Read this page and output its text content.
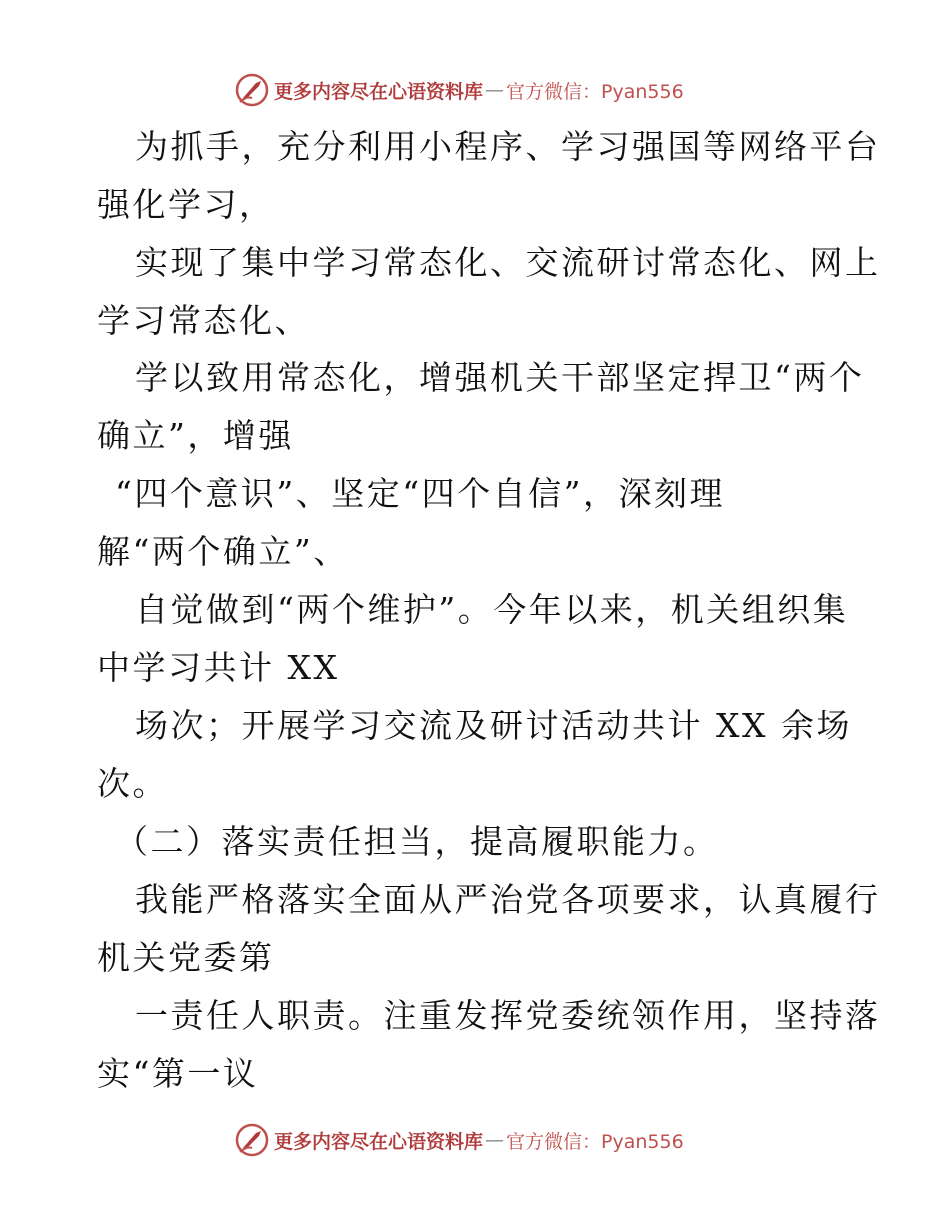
更多内容尽在心语资料库 — 官方微信：Pyan556
为抓手，充分利用小程序、学习强国等网络平台
强化学习，
实现了集中学习常态化、交流研讨常态化、网上
学习常态化、
学以致用常态化，增强机关干部坚定捍卫“两个
确立”，增强
“四个意识”、坚定“四个自信”，深刻理
解“两个确立”、
自觉做到“两个维护”。今年以来，机关组织集
中学习共计 XX
场次；开展学习交流及研讨活动共计 XX 余场
次。
（二）落实责任担当，提高履职能力。
我能严格落实全面从严治党各项要求，认真履行
机关党委第
一责任人职责。注重发挥党委统领作用，坚持落
实“第一议
更多内容尽在心语资料库 — 官方微信：Pyan556
